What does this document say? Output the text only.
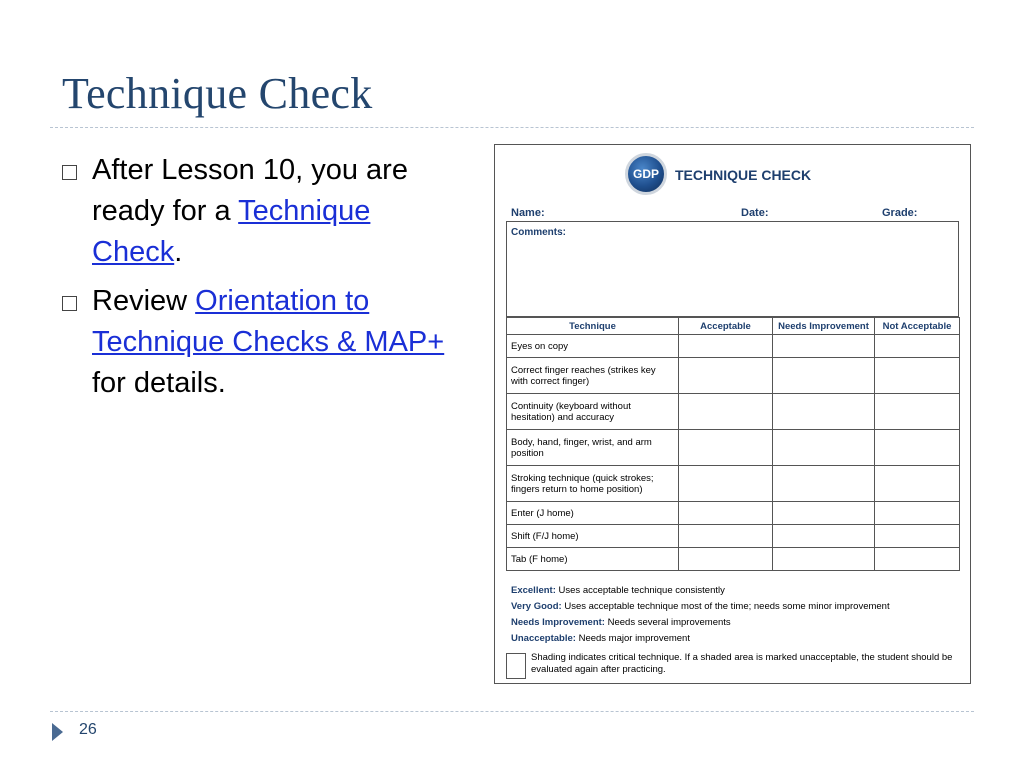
Technique Check
After Lesson 10, you are ready for a Technique Check.
Review Orientation to Technique Checks & MAP+ for details.
GDP	TECHNIQUE CHECK
Name:	Date:	Grade:
Comments:
Technique	Acceptable	Needs Improvement	Not Acceptable
Eyes on copy			
Correct finger reaches (strikes key with correct finger)			
Continuity (keyboard without hesitation) and accuracy			
Body, hand, finger, wrist, and arm position			
Stroking technique (quick strokes; fingers return to home position)			
Enter (J home)			
Shift (F/J home)			
Tab (F home)			
Excellent: Uses acceptable technique consistently
Very Good: Uses acceptable technique most of the time; needs some minor improvement
Needs Improvement: Needs several improvements
Unacceptable: Needs major improvement
Shading indicates critical technique. If a shaded area is marked unacceptable, the student should be evaluated again after practicing.
26
